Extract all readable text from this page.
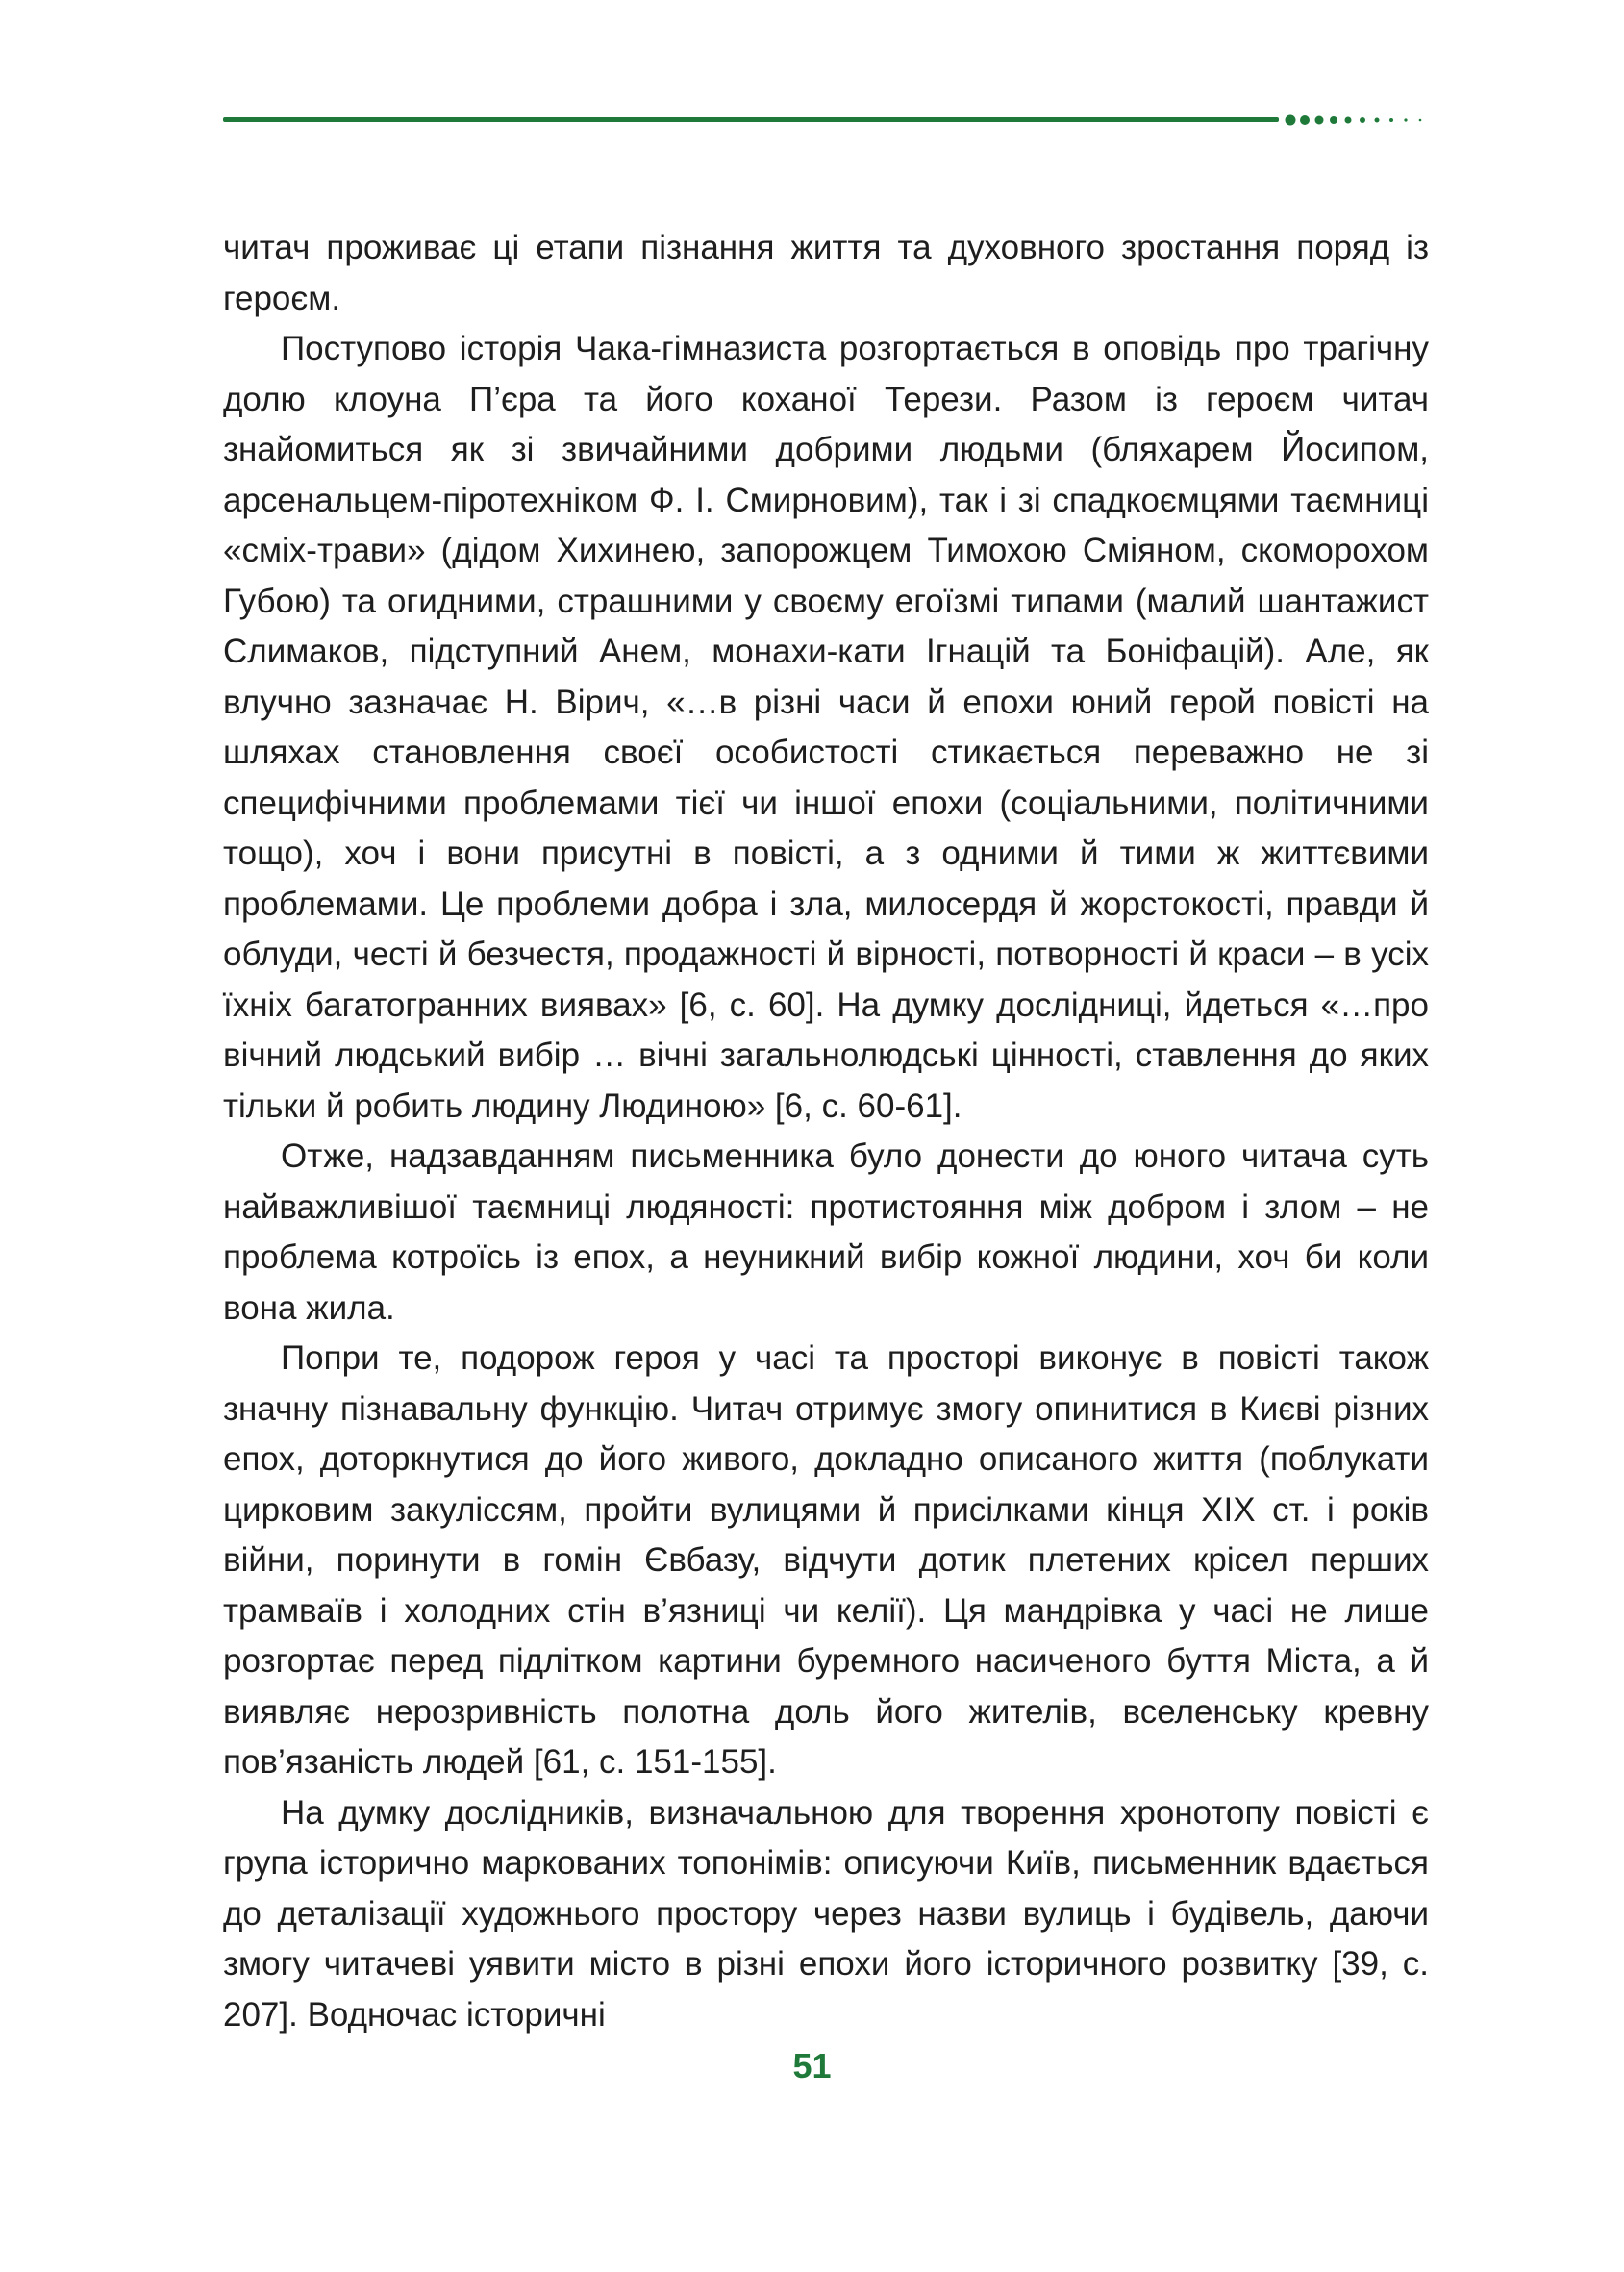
читач проживає ці етапи пізнання життя та духовного зростання поряд із героєм.

Поступово історія Чака-гімназиста розгортається в оповідь про трагічну долю клоуна П’єра та його коханої Терези. Разом із героєм читач знайомиться як зі звичайними добрими людьми (бляхарем Йосипом, арсенальцем-піротехніком Ф. І. Смирновим), так і зі спадкоємцями таємниці «сміх-трави» (дідом Хихинею, запорожцем Тимохою Сміяном, скоморохом Губою) та огидними, страшними у своєму егоїзмі типами (малий шантажист Слимаков, підступний Анем, монахи-кати Ігнацій та Боніфацій). Але, як влучно зазначає Н. Вірич, «…в різні часи й епохи юний герой повісті на шляхах становлення своєї особистості стикається переважно не зі специфічними проблемами тієї чи іншої епохи (соціальними, політичними тощо), хоч і вони присутні в повісті, а з одними й тими ж життєвими проблемами. Це проблеми добра і зла, милосердя й жорстокості, правди й облуди, честі й безчестя, продажності й вірності, потворності й краси – в усіх їхніх багатогранних виявах» [6, с. 60]. На думку дослідниці, йдеться «…про вічний людський вибір … вічні загальнолюдські цінності, ставлення до яких тільки й робить людину Людиною» [6, с. 60-61].

Отже, надзавданням письменника було донести до юного читача суть найважливішої таємниці людяності: протистояння між добром і злом – не проблема котроїсь із епох, а неуникний вибір кожної людини, хоч би коли вона жила.

Попри те, подорож героя у часі та просторі виконує в повісті також значну пізнавальну функцію. Читач отримує змогу опинитися в Києві різних епох, доторкнутися до його живого, докладно описаного життя (поблукати цирковим закуліссям, пройти вулицями й присілками кінця XIX ст. і років війни, поринути в гомін Євбазу, відчути дотик плетених крісел перших трамваїв і холодних стін в’язниці чи келії). Ця мандрівка у часі не лише розгортає перед підлітком картини буремного насиченого буття Міста, а й виявляє нерозривність полотна доль його жителів, вселенську кревну пов’язаність людей [61, с. 151-155].

На думку дослідників, визначальною для творення хронотопу повісті є група історично маркованих топонімів: описуючи Київ, письменник вдається до деталізації художнього простору через назви вулиць і будівель, даючи змогу читачеві уявити місто в різні епохи його історичного розвитку [39, с. 207]. Водночас історичні

51
